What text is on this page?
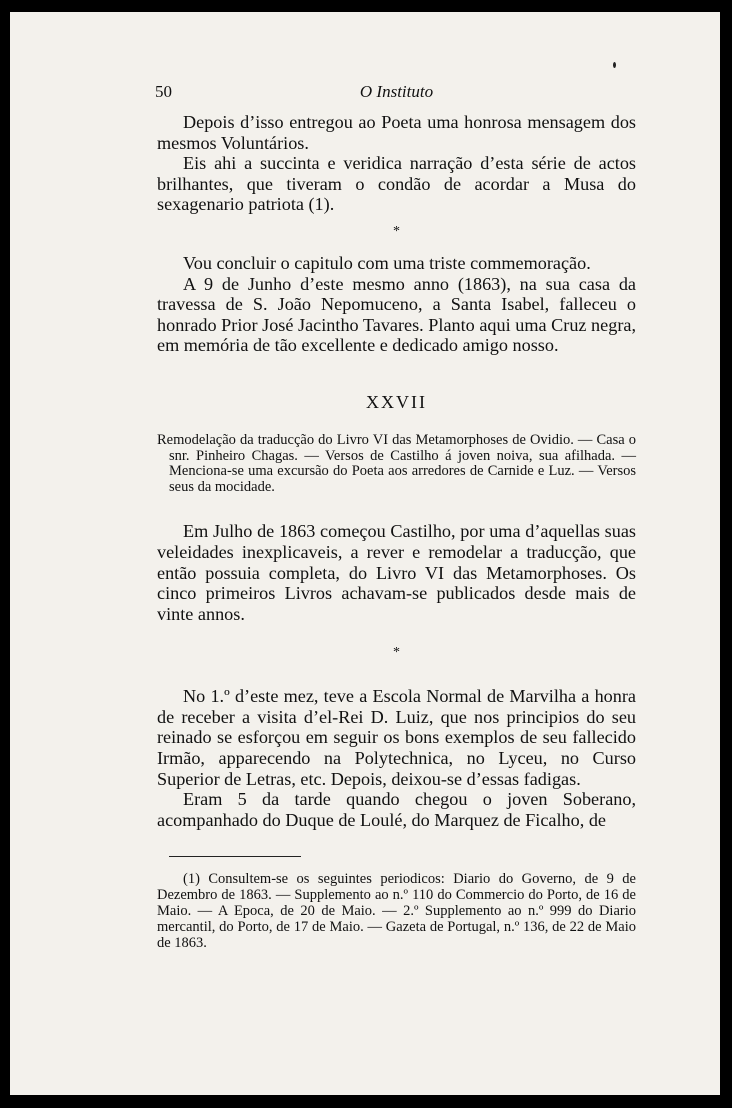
50	O Instituto

Depois d’isso entregou ao Poeta uma honrosa mensagem dos mesmos Voluntários.

Eis ahi a succinta e veridica narração d’esta série de actos brilhantes, que tiveram o condão de acordar a Musa do sexagenario patriota (1).

*

Vou concluir o capitulo com uma triste commemoração.

A 9 de Junho d’este mesmo anno (1863), na sua casa da travessa de S. João Nepomuceno, a Santa Isabel, falleceu o honrado Prior José Jacintho Tavares. Planto aqui uma Cruz negra, em memória de tão excellente e dedicado amigo nosso.

XXVII
Remodelação da traducção do Livro VI das Metamorphoses de Ovidio. — Casa o snr. Pinheiro Chagas. — Versos de Castilho á joven noiva, sua afilhada. — Menciona-se uma excursão do Poeta aos arredores de Carnide e Luz. — Versos seus da mocidade.

Em Julho de 1863 começou Castilho, por uma d’aquellas suas veleidades inexplicaveis, a rever e remodelar a traducção, que então possuia completa, do Livro VI das Metamorphoses. Os cinco primeiros Livros achavam-se publicados desde mais de vinte annos.

*

No 1.º d’este mez, teve a Escola Normal de Marvilha a honra de receber a visita d’el-Rei D. Luiz, que nos principios do seu reinado se esforçou em seguir os bons exemplos de seu fallecido Irmão, apparecendo na Polytechnica, no Lyceu, no Curso Superior de Letras, etc. Depois, deixou-se d’essas fadigas.

Eram 5 da tarde quando chegou o joven Soberano, acompanhado do Duque de Loulé, do Marquez de Ficalho, de

(1) Consultem-se os seguintes periodicos: Diario do Governo, de 9 de Dezembro de 1863. — Supplemento ao n.º 110 do Commercio do Porto, de 16 de Maio. — A Epoca, de 20 de Maio. — 2.º Supplemento ao n.º 999 do Diario mercantil, do Porto, de 17 de Maio. — Gazeta de Portugal, n.º 136, de 22 de Maio de 1863.
